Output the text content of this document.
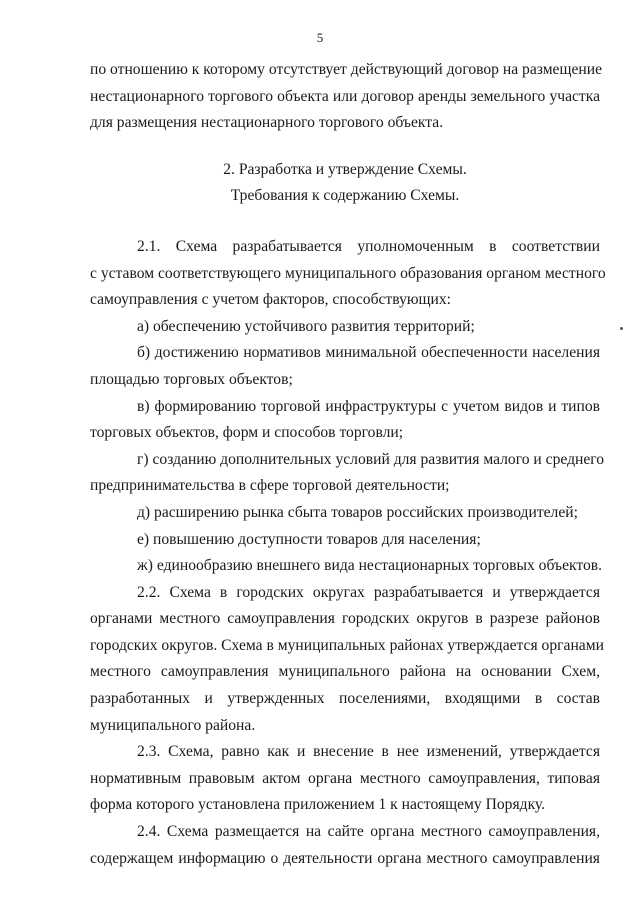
5
по отношению к которому отсутствует действующий договор на размещение
нестационарного торгового объекта или договор аренды земельного участка
для размещения нестационарного торгового объекта.
2. Разработка и утверждение Схемы.
Требования к содержанию Схемы.
2.1. Схема разрабатывается уполномоченным в соответствии
с уставом соответствующего муниципального образования органом местного
самоуправления с учетом факторов, способствующих:
а) обеспечению устойчивого развития территорий;
б) достижению нормативов минимальной обеспеченности населения
площадью торговых объектов;
в) формированию торговой инфраструктуры с учетом видов и типов
торговых объектов, форм и способов торговли;
г) созданию дополнительных условий для развития малого и среднего
предпринимательства в сфере торговой деятельности;
д) расширению рынка сбыта товаров российских производителей;
е) повышению доступности товаров для населения;
ж) единообразию внешнего вида нестационарных торговых объектов.
2.2. Схема в городских округах разрабатывается и утверждается
органами местного самоуправления городских округов в разрезе районов
городских округов. Схема в муниципальных районах утверждается органами
местного самоуправления муниципального района на основании Схем,
разработанных и утвержденных поселениями, входящими в состав
муниципального района.
2.3. Схема, равно как и внесение в нее изменений, утверждается
нормативным правовым актом органа местного самоуправления, типовая
форма которого установлена приложением 1 к настоящему Порядку.
2.4. Схема размещается на сайте органа местного самоуправления,
содержащем информацию о деятельности органа местного самоуправления
